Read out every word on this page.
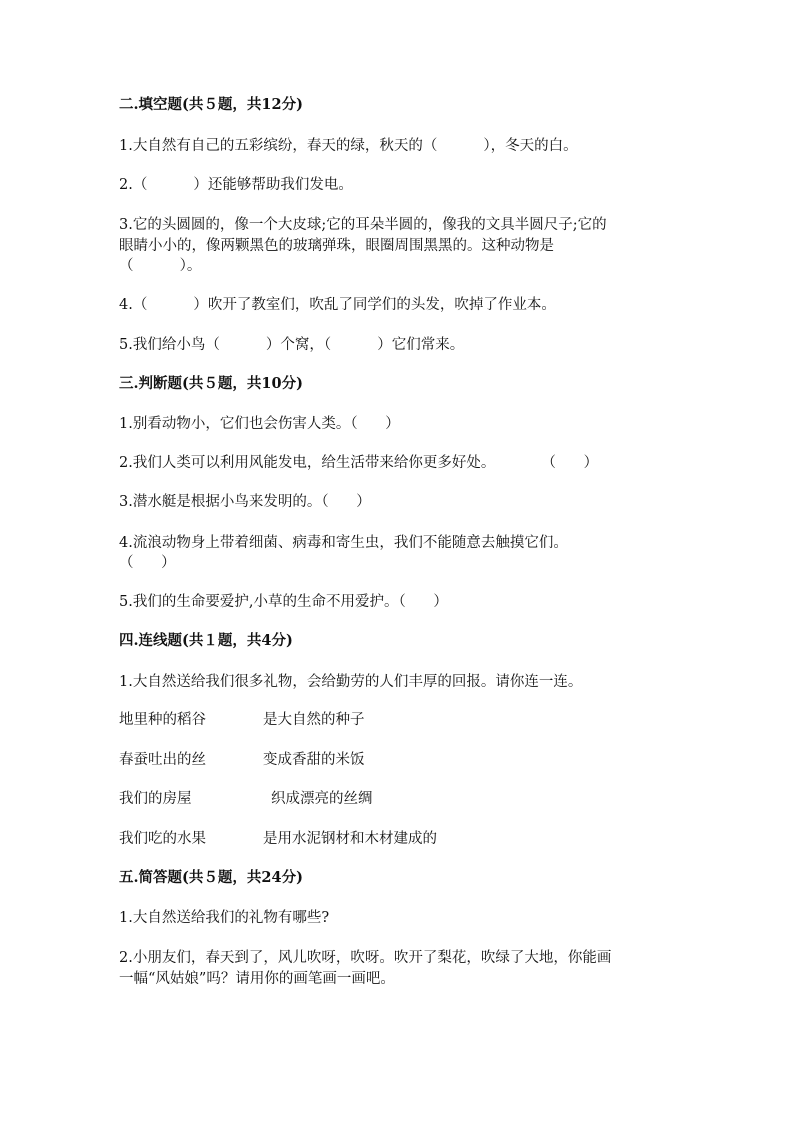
二.填空题(共５题，共12分)
1.大自然有自己的五彩缤纷，春天的绿，秋天的（          ），冬天的白。
2.（          ）还能够帮助我们发电。
3.它的头圆圆的，像一个大皮球;它的耳朵半圆的，像我的文具半圆尺子;它的
眼睛小小的，像两颗黑色的玻璃弹珠，眼圈周围黑黑的。这种动物是
（          ）。
4.（          ）吹开了教室们，吹乱了同学们的头发，吹掉了作业本。
5.我们给小鸟（          ）个窝，（          ）它们常来。
三.判断题(共５题，共10分)
1.别看动物小，它们也会伤害人类。（      ）
2.我们人类可以利用风能发电，给生活带来给你更多好处。          （      ）
3.潜水艇是根据小鸟来发明的。（      ）
4.流浪动物身上带着细菌、病毒和寄生虫，我们不能随意去触摸它们。
（      ）
5.我们的生命要爱护,小草的生命不用爱护。（      ）
四.连线题(共１题，共4分)
1.大自然送给我们很多礼物，会给勤劳的人们丰厚的回报。请你连一连。
地里种的稻谷	是大自然的种子
春蚕吐出的丝	变成香甜的米饭
我们的房屋	织成漂亮的丝绸
我们吃的水果	是用水泥钢材和木材建成的
五.简答题(共５题，共24分)
1.大自然送给我们的礼物有哪些?
2.小朋友们，春天到了，风儿吹呀，吹呀。吹开了梨花，吹绿了大地，你能画
一幅“风姑娘”吗？请用你的画笔画一画吧。
